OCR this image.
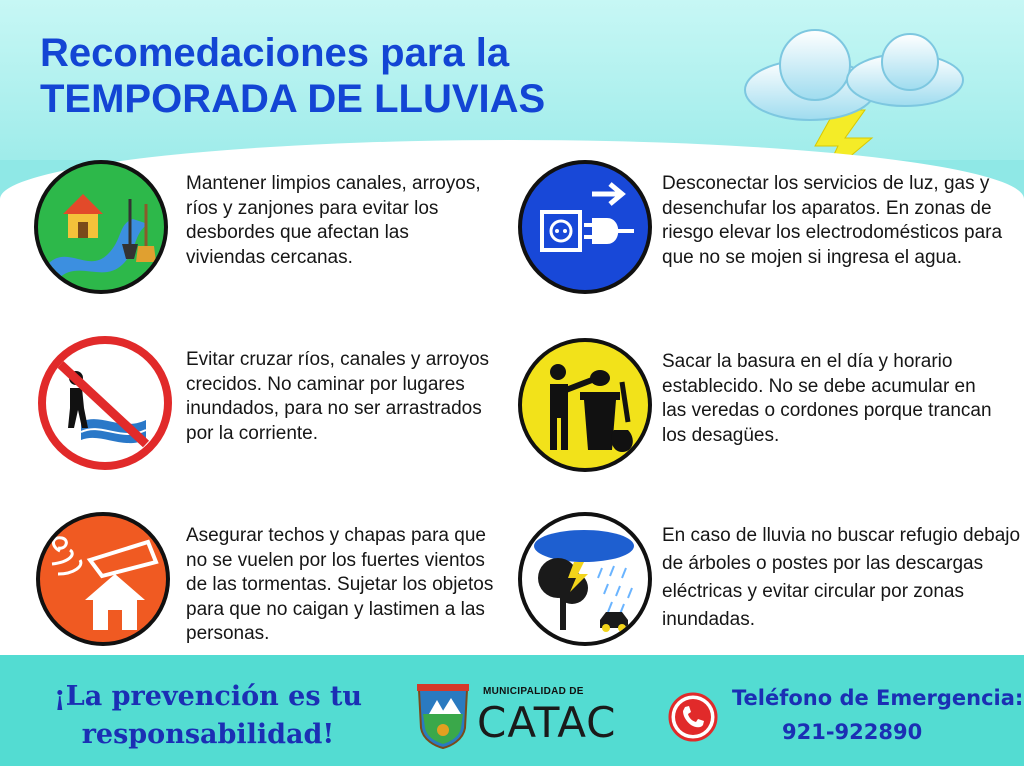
Recomedaciones para la
TEMPORADA DE LLUVIAS
Mantener limpios canales, arroyos, ríos y zanjones para evitar los desbordes que afectan las viviendas cercanas.
Desconectar los servicios de luz, gas y desenchufar los aparatos. En zonas de riesgo elevar los electrodomésticos para que no se mojen si ingresa el agua.
Evitar cruzar ríos, canales y arroyos crecidos. No caminar por lugares inundados, para no ser arrastrados por la corriente.
Sacar la basura en el día y horario establecido. No se debe acumular en las veredas o cordones porque trancan los desagües.
Asegurar techos y chapas para que no se vuelen por los fuertes vientos de las tormentas. Sujetar los objetos para que no caigan y lastimen a las personas.
En caso de lluvia no buscar refugio debajo de árboles o postes por las descargas eléctricas y evitar circular por zonas inundadas.
¡La prevención es tu responsabilidad!
MUNICIPALIDAD DE
CATAC	Teléfono de Emergencia:
921-922890
